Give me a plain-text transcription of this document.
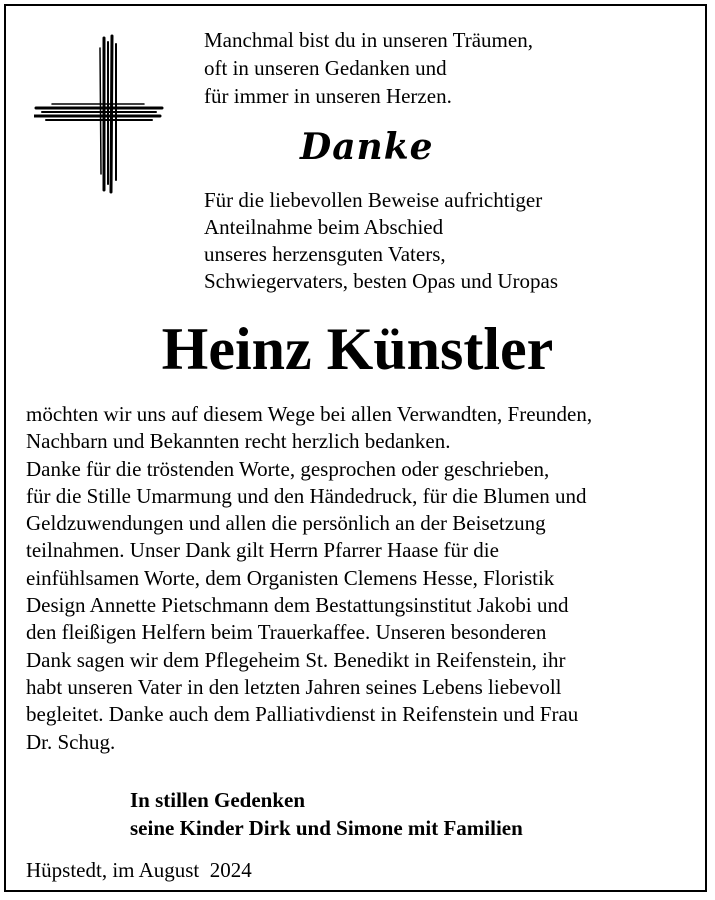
Manchmal bist du in unseren Träumen,
oft in unseren Gedanken und
für immer in unseren Herzen.
Danke
Für die liebevollen Beweise aufrichtiger
Anteilnahme beim Abschied
unseres herzensguten Vaters,
Schwiegervaters, besten Opas und Uropas
Heinz Künstler
möchten wir uns auf diesem Wege bei allen Verwandten, Freunden,
Nachbarn und Bekannten recht herzlich bedanken.
Danke für die tröstenden Worte, gesprochen oder geschrieben,
für die Stille Umarmung und den Händedruck, für die Blumen und
Geldzuwendungen und allen die persönlich an der Beisetzung
teilnahmen. Unser Dank gilt Herrn Pfarrer Haase für die
einfühlsamen Worte, dem Organisten Clemens Hesse, Floristik
Design Annette Pietschmann dem Bestattungsinstitut Jakobi und
den fleißigen Helfern beim Trauerkaffee. Unseren besonderen
Dank sagen wir dem Pflegeheim St. Benedikt in Reifenstein, ihr
habt unseren Vater in den letzten Jahren seines Lebens liebevoll
begleitet. Danke auch dem Palliativdienst in Reifenstein und Frau
Dr. Schug.
In stillen Gedenken
seine Kinder Dirk und Simone mit Familien
Hüpstedt, im August  2024
